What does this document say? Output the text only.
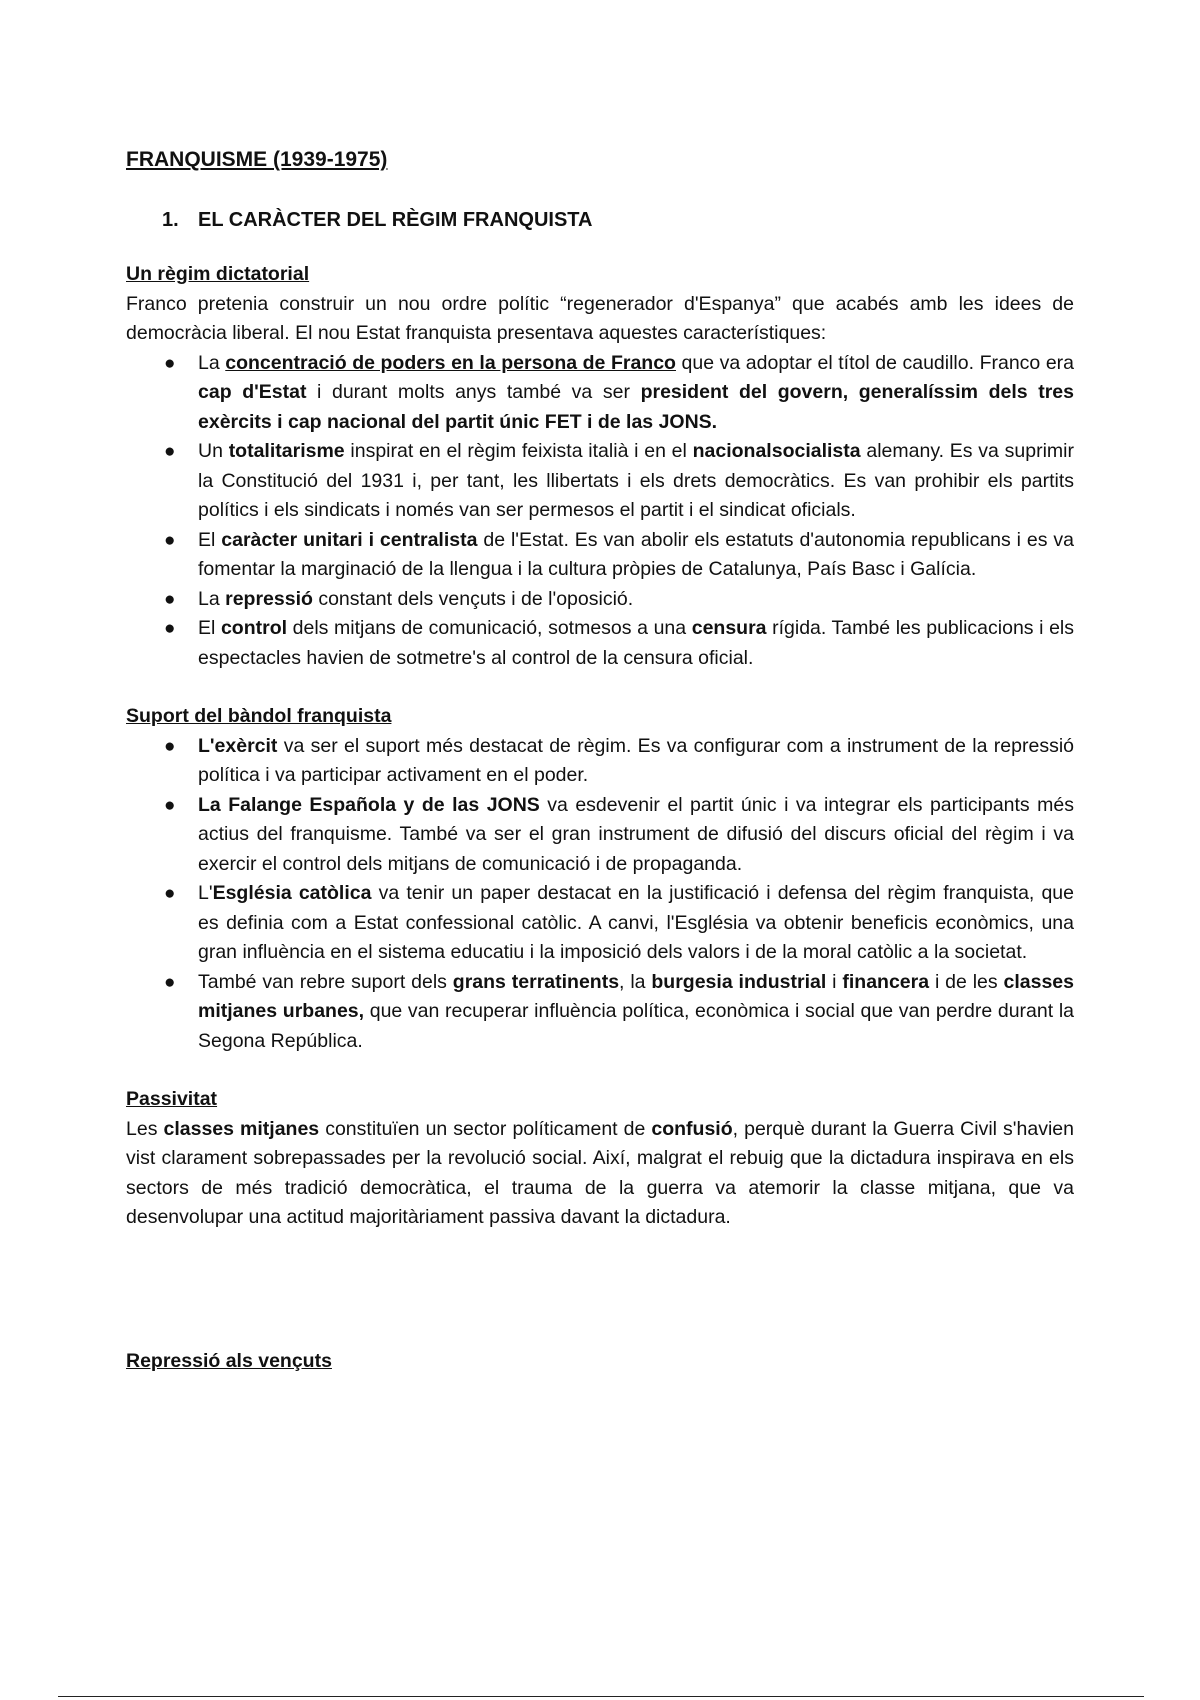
FRANQUISME (1939-1975)
1. EL CARÀCTER DEL RÈGIM FRANQUISTA
Un règim dictatorial

Franco pretenia construir un nou ordre polític “regenerador d'Espanya” que acabés amb les idees de democràcia liberal. El nou Estat franquista presentava aquestes característiques:

● La concentració de poders en la persona de Franco que va adoptar el títol de caudillo. Franco era cap d'Estat i durant molts anys també va ser president del govern, generalíssim dels tres exèrcits i cap nacional del partit únic FET i de las JONS.
● Un totalitarisme inspirat en el règim feixista italià i en el nacionalsocialista alemany. Es va suprimir la Constitució del 1931 i, per tant, les llibertats i els drets democràtics. Es van prohibir els partits polítics i els sindicats i només van ser permesos el partit i el sindicat oficials.
● El caràcter unitari i centralista de l'Estat. Es van abolir els estatuts d'autonomia republicans i es va fomentar la marginació de la llengua i la cultura pròpies de Catalunya, País Basc i Galícia.
● La repressió constant dels vençuts i de l'oposició.
● El control dels mitjans de comunicació, sotmesos a una censura rígida. També les publicacions i els espectacles havien de sotmetre's al control de la censura oficial.
Suport del bàndol franquista
● L'exèrcit va ser el suport més destacat de règim. Es va configurar com a instrument de la repressió política i va participar activament en el poder.
● La Falange Española y de las JONS va esdevenir el partit únic i va integrar els participants més actius del franquisme. També va ser el gran instrument de difusió del discurs oficial del règim i va exercir el control dels mitjans de comunicació i de propaganda.
● L'Església catòlica va tenir un paper destacat en la justificació i defensa del règim franquista, que es definia com a Estat confessional catòlic. A canvi, l'Església va obtenir beneficis econòmics, una gran influència en el sistema educatiu i la imposició dels valors i de la moral catòlic a la societat.
● També van rebre suport dels grans terratinents, la burgesia industrial i financera i de les classes mitjanes urbanes, que van recuperar influència política, econòmica i social que van perdre durant la Segona República.
Passivitat

Les classes mitjanes constituïen un sector políticament de confusió, perquè durant la Guerra Civil s'havien vist clarament sobrepassades per la revolució social. Així, malgrat el rebuig que la dictadura inspirava en els sectors de més tradició democràtica, el trauma de la guerra va atemorir la classe mitjana, que va desenvolupar una actitud majoritàriament passiva davant la dictadura.

Repressió als vençuts
